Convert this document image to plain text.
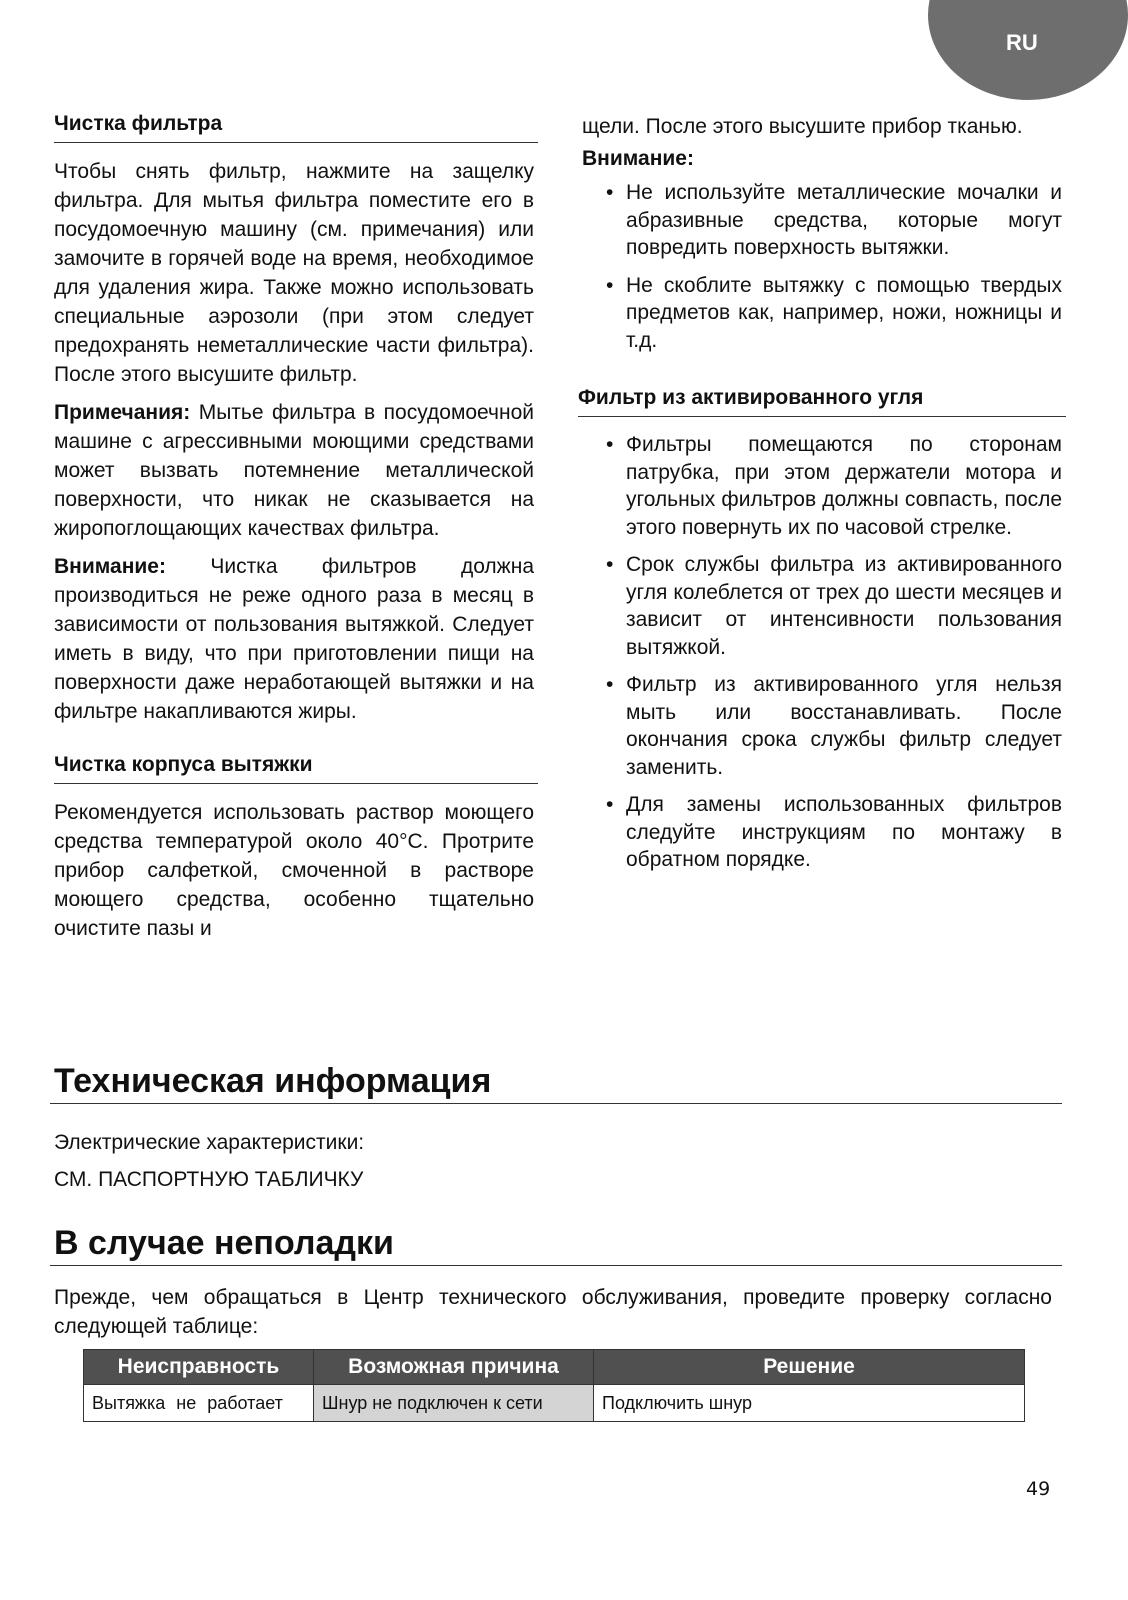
RU
Чистка фильтра

Чтобы снять фильтр, нажмите на защелку фильтра. Для мытья фильтра поместите его в посудомоечную машину (см. примечания) или замочите в горячей воде на время, необходимое для удаления жира. Также можно использовать специальные аэрозоли (при этом следует предохранять неметаллические части фильтра). После этого высушите фильтр.

Примечания: Мытье фильтра в посудомоечной машине с агрессивными моющими средствами может вызвать потемнение металлической поверхности, что никак не сказывается на жиропоглощающих качествах фильтра.

Внимание: Чистка фильтров должна производиться не реже одного раза в месяц в зависимости от пользования вытяжкой. Следует иметь в виду, что при приготовлении пищи на поверхности даже неработающей вытяжки и на фильтре накапливаются жиры.

Чистка корпуса вытяжки

Рекомендуется использовать раствор моющего средства температурой около 40°C. Протрите прибор салфеткой, смоченной в растворе моющего средства, особенно тщательно очистите пазы и

щели. После этого высушите прибор тканью.

Внимание:
• Не используйте металлические мочалки и абразивные средства, которые могут повредить поверхность вытяжки.
• Не скоблите вытяжку с помощью твердых предметов как, например, ножи, ножницы и т.д.
Фильтр из активированного угля
• Фильтры помещаются по сторонам патрубка, при этом держатели мотора и угольных фильтров должны совпасть, после этого повернуть их по часовой стрелке.
• Срок службы фильтра из активированного угля колеблется от трех до шести месяцев и зависит от интенсивности пользования вытяжкой.
• Фильтр из активированного угля нельзя мыть или восстанавливать. После окончания срока службы фильтр следует заменить.
• Для замены использованных фильтров следуйте инструкциям по монтажу в обратном порядке.
Техническая информация
Электрические характеристики:
СМ. ПАСПОРТНУЮ ТАБЛИЧКУ
В случае неполадки

Прежде, чем обращаться в Центр технического обслуживания, проведите проверку согласно следующей таблице:

Неисправность	Возможная причина	Решение
Вытяжка не работает	Шнур не подключен к сети	Подключить шнур
49
